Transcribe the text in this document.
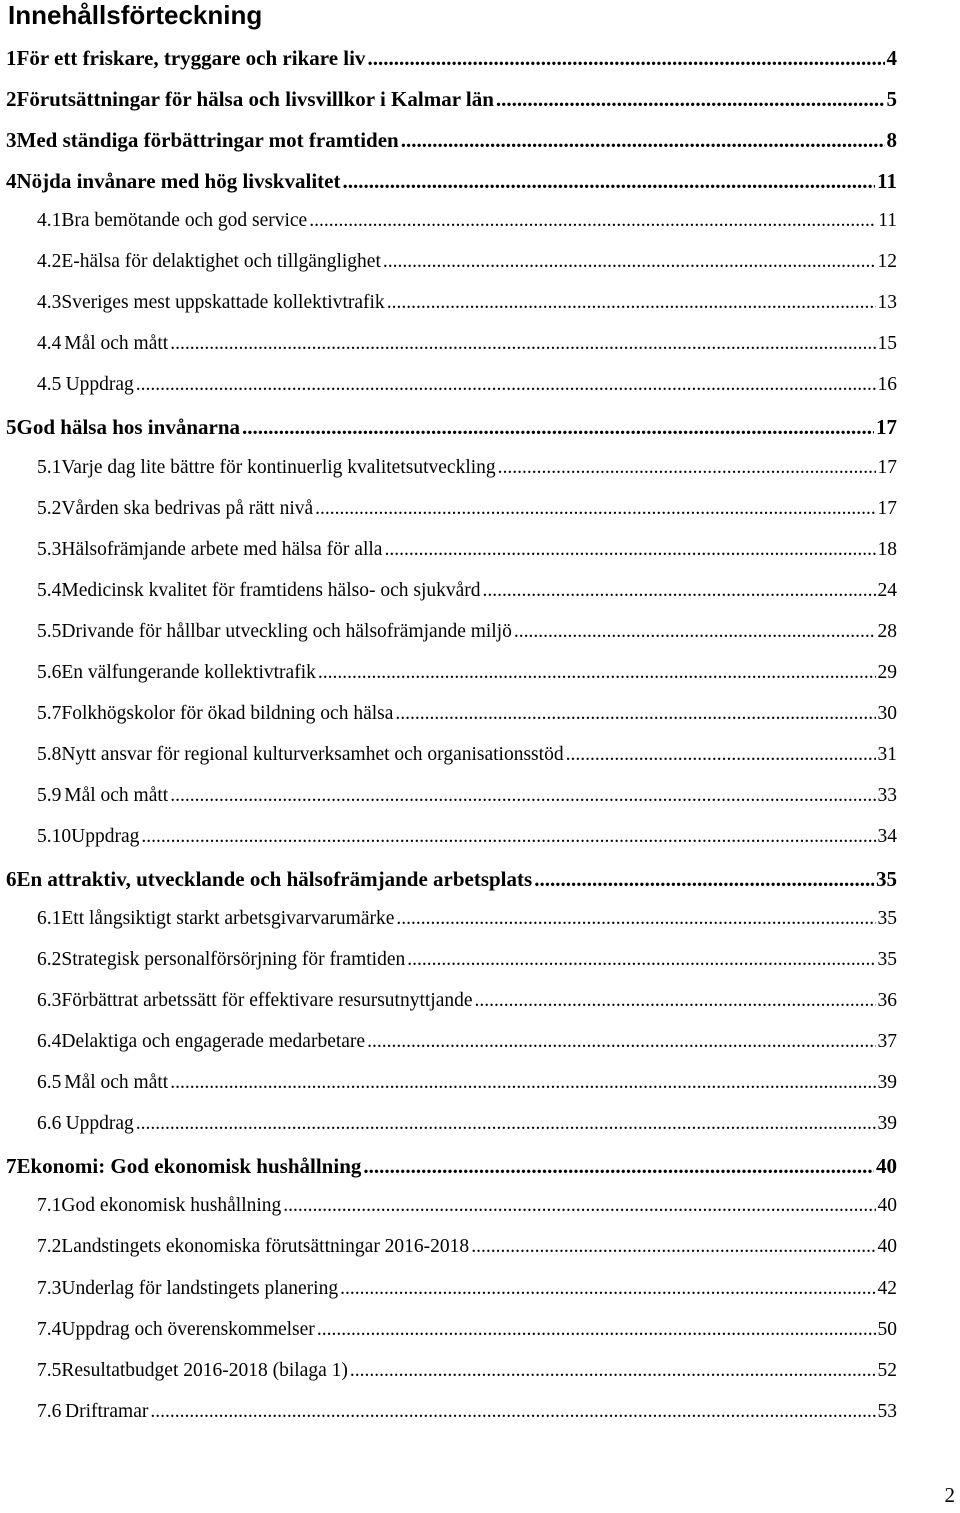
Innehållsförteckning
1 För ett friskare, tryggare och rikare liv .....	4
2 Förutsättningar för hälsa och livsvillkor i Kalmar län .....	5
3 Med ständiga förbättringar mot framtiden .....	8
4 Nöjda invånare med hög livskvalitet .....	11
4.1 Bra bemötande och god service .....	11
4.2 E-hälsa för delaktighet och tillgänglighet .....	12
4.3 Sveriges mest uppskattade kollektivtrafik .....	13
4.4 Mål och mått .....	15
4.5 Uppdrag .....	16
5 God hälsa hos invånarna .....	17
5.1 Varje dag lite bättre för kontinuerlig kvalitetsutveckling .....	17
5.2 Vården ska bedrivas på rätt nivå .....	17
5.3 Hälsofrämjande arbete med hälsa för alla .....	18
5.4 Medicinsk kvalitet för framtidens hälso- och sjukvård .....	24
5.5 Drivande för hållbar utveckling och hälsofrämjande miljö .....	28
5.6 En välfungerande kollektivtrafik .....	29
5.7 Folkhögskolor för ökad bildning och hälsa .....	30
5.8 Nytt ansvar för regional kulturverksamhet och organisationsstöd .....	31
5.9 Mål och mått .....	33
5.10 Uppdrag .....	34
6 En attraktiv, utvecklande och hälsofrämjande arbetsplats .....	35
6.1 Ett långsiktigt starkt arbetsgivarvarumärke .....	35
6.2 Strategisk personalförsörjning för framtiden .....	35
6.3 Förbättrat arbetssätt för effektivare resursutnyttjande .....	36
6.4 Delaktiga och engagerade medarbetare .....	37
6.5 Mål och mått .....	39
6.6 Uppdrag .....	39
7 Ekonomi: God ekonomisk hushållning .....	40
7.1 God ekonomisk hushållning .....	40
7.2 Landstingets ekonomiska förutsättningar 2016-2018 .....	40
7.3 Underlag för landstingets planering .....	42
7.4 Uppdrag och överenskommelser .....	50
7.5 Resultatbudget 2016-2018 (bilaga 1) .....	52
7.6 Driftramar .....	53
2
